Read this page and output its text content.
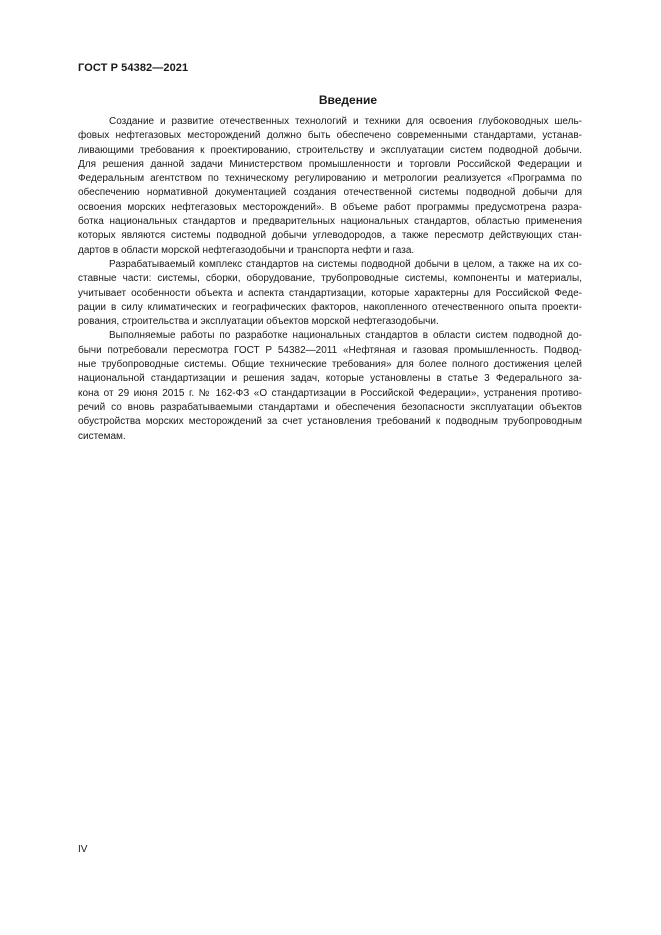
ГОСТ Р 54382—2021
Введение
Создание и развитие отечественных технологий и техники для освоения глубоководных шель-
фовых нефтегазовых месторождений должно быть обеспечено современными стандартами, устанав-
ливающими требования к проектированию, строительству и эксплуатации систем подводной добычи.
Для решения данной задачи Министерством промышленности и торговли Российской Федерации и
Федеральным агентством по техническому регулированию и метрологии реализуется «Программа по
обеспечению нормативной документацией создания отечественной системы подводной добычи для
освоения морских нефтегазовых месторождений». В объеме работ программы предусмотрена разра-
ботка национальных стандартов и предварительных национальных стандартов, областью применения
которых являются системы подводной добычи углеводородов, а также пересмотр действующих стан-
дартов в области морской нефтегазодобычи и транспорта нефти и газа.
Разрабатываемый комплекс стандартов на системы подводной добычи в целом, а также на их со-
ставные части: системы, сборки, оборудование, трубопроводные системы, компоненты и материалы,
учитывает особенности объекта и аспекта стандартизации, которые характерны для Российской Феде-
рации в силу климатических и географических факторов, накопленного отечественного опыта проекти-
рования, строительства и эксплуатации объектов морской нефтегазодобычи.
Выполняемые работы по разработке национальных стандартов в области систем подводной до-
бычи потребовали пересмотра ГОСТ Р 54382—2011 «Нефтяная и газовая промышленность. Подвод-
ные трубопроводные системы. Общие технические требования» для более полного достижения целей
национальной стандартизации и решения задач, которые установлены в статье 3 Федерального за-
кона от 29 июня 2015 г. № 162-ФЗ «О стандартизации в Российской Федерации», устранения противо-
речий со вновь разрабатываемыми стандартами и обеспечения безопасности эксплуатации объектов
обустройства морских месторождений за счет установления требований к подводным трубопроводным
системам.
IV
